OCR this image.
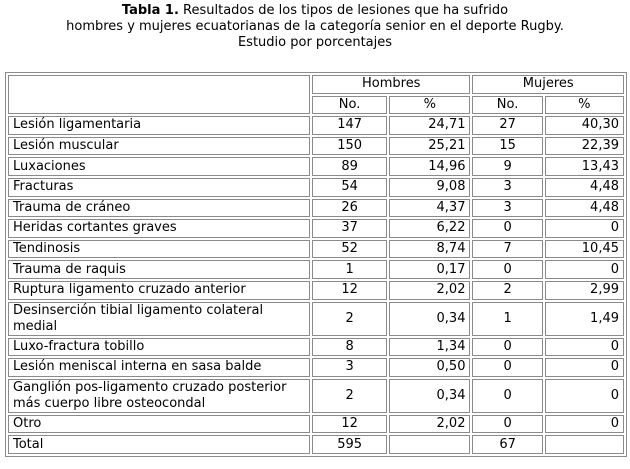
Tabla 1. Resultados de los tipos de lesiones que ha sufrido
hombres y mujeres ecuatorianas de la categoría senior en el deporte Rugby.
Estudio por porcentajes
	Hombres		Mujeres	
	No.	%	No.	%
Lesión ligamentaria	147	24,71	27	40,30
Lesión muscular	150	25,21	15	22,39
Luxaciones	89	14,96	9	13,43
Fracturas	54	9,08	3	4,48
Trauma de cráneo	26	4,37	3	4,48
Heridas cortantes graves	37	6,22	0	0
Tendinosis	52	8,74	7	10,45
Trauma de raquis	1	0,17	0	0
Ruptura ligamento cruzado anterior	12	2,02	2	2,99
Desinserción tibial ligamento colateral medial	2	0,34	1	1,49
Luxo-fractura tobillo	8	1,34	0	0
Lesión meniscal interna en sasa balde	3	0,50	0	0
Ganglión pos-ligamento cruzado posterior más cuerpo libre osteocondal	2	0,34	0	0
Otro	12	2,02	0	0
Total	595		67	
